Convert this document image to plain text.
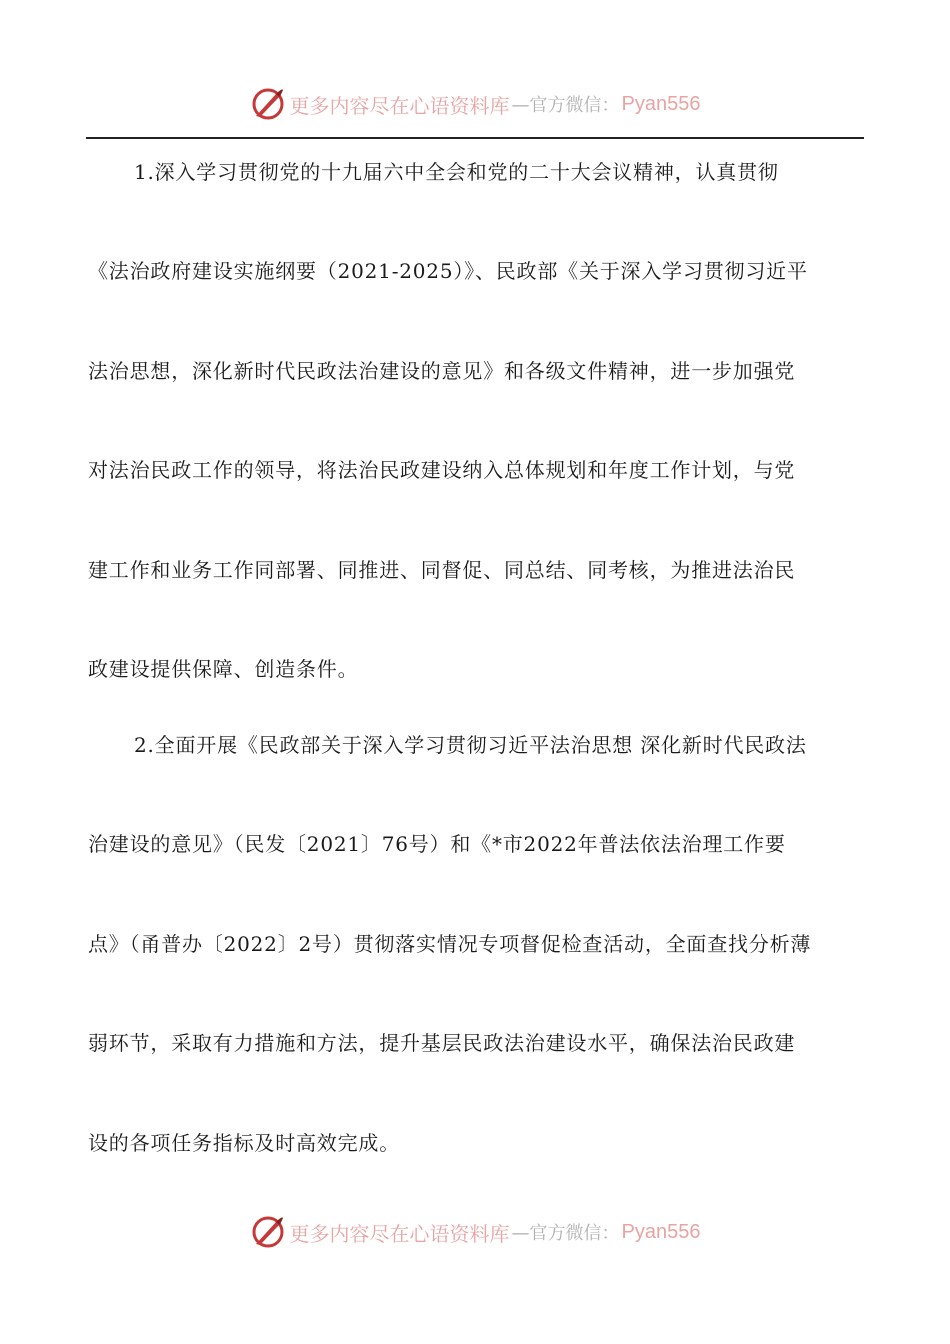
更多内容尽在心语资料库 —官方微信： Pyan556
1.深入学习贯彻党的十九届六中全会和党的二十大会议精神，认真贯彻
《法治政府建设实施纲要（2021-2025）》、民政部《关于深入学习贯彻习近平
法治思想，深化新时代民政法治建设的意见》和各级文件精神，进一步加强党
对法治民政工作的领导，将法治民政建设纳入总体规划和年度工作计划，与党
建工作和业务工作同部署、同推进、同督促、同总结、同考核，为推进法治民
政建设提供保障、创造条件。
2.全面开展《民政部关于深入学习贯彻习近平法治思想 深化新时代民政法
治建设的意见》（民发〔2021〕76号）和《*市2022年普法依法治理工作要
点》（甬普办〔2022〕2号）贯彻落实情况专项督促检查活动，全面查找分析薄
弱环节，采取有力措施和方法，提升基层民政法治建设水平，确保法治民政建
设的各项任务指标及时高效完成。
更多内容尽在心语资料库 —官方微信： Pyan556
